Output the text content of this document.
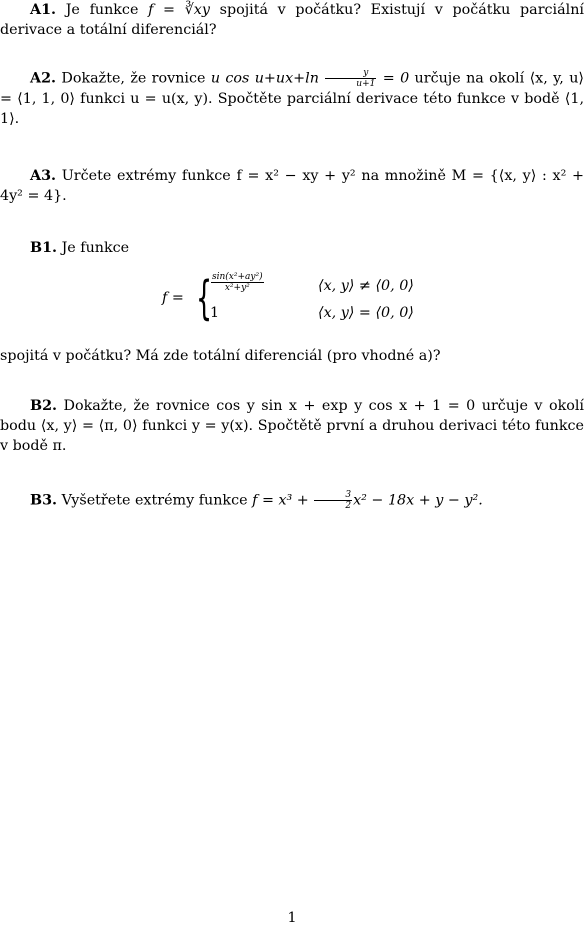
A1. Je funkce f = ∛xy spojitá v počátku? Existují v počátku parciální derivace a totální diferenciál?

A2. Dokažte, že rovnice u $\cos u+ux+\ln \frac{y}{u+1} = 0$ určuje na okolí ⟨x, y, u⟩ = ⟨1, 1, 0⟩ funkci u = u(x, y). Spočtěte parciální derivace této funkce v bodě ⟨1, 1⟩.

A3. Určete extrémy funkce f = x² − xy + y² na množině M = {⟨x, y⟩ : x² + 4y² = 4}.

B1. Je funkce

f = {
$\frac{\text{sin(x²+ay²)}}{\text{x²+y²}}$	⟨x, y⟩ ≠ ⟨0, 0⟩
1	⟨x, y⟩ = ⟨0, 0⟩

spojitá v počátku? Má zde totální diferenciál (pro vhodné a)?

B2. Dokažte, že rovnice cos y sin x + exp y cos x + 1 = 0 určuje v okolí bodu ⟨x, y⟩ = ⟨π, 0⟩ funkci y = y(x). Spočtětě první a druhou derivaci této funkce v bodě π.

B3. Vyšetřete extrémy funkce $f = x^3 + \frac{3}{2} x^2 - 18x + y - y^2$.

1
